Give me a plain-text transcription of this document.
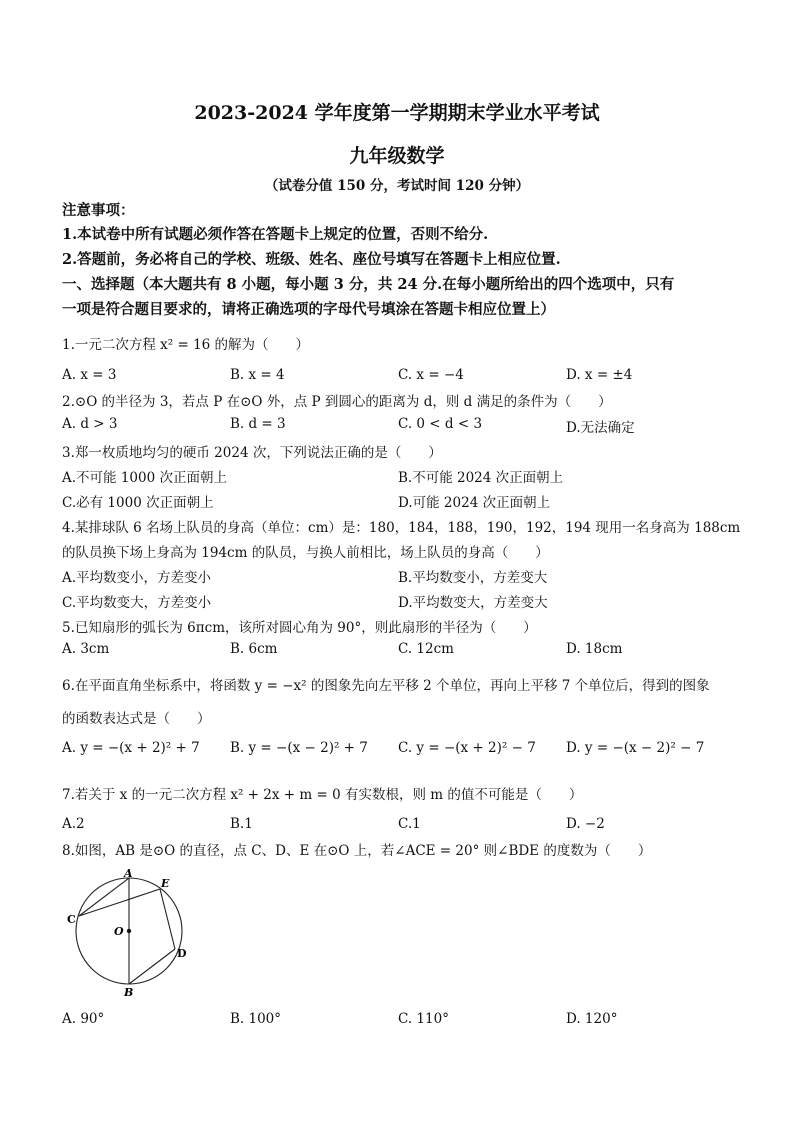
2023-2024 学年度第一学期期末学业水平考试
九年级数学
（试卷分值 150 分，考试时间 120 分钟）
注意事项：
1.本试卷中所有试题必须作答在答题卡上规定的位置，否则不给分.
2.答题前，务必将自己的学校、班级、姓名、座位号填写在答题卡上相应位置.
一、选择题（本大题共有 8 小题，每小题 3 分，共 24 分.在每小题所给出的四个选项中，只有
一项是符合题目要求的，请将正确选项的字母代号填涂在答题卡相应位置上）
1.一元二次方程 x² = 16 的解为（　　）
A. x = 3	B. x = 4	C. x = −4	D. x = ±4
2.⊙O 的半径为 3，若点 P 在⊙O 外，点 P 到圆心的距离为 d，则 d 满足的条件为（　　）
A. d > 3	B. d = 3	C. 0 < d < 3	D.无法确定
3.郑一枚质地均匀的硬币 2024 次，下列说法正确的是（　　）
A.不可能 1000 次正面朝上	B.不可能 2024 次正面朝上
C.必有 1000 次正面朝上	D.可能 2024 次正面朝上
4.某排球队 6 名场上队员的身高（单位：cm）是：180，184，188，190，192，194 现用一名身高为 188cm
的队员换下场上身高为 194cm 的队员，与换人前相比，场上队员的身高（　　）
A.平均数变小，方差变小	B.平均数变小，方差变大
C.平均数变大，方差变小	D.平均数变大，方差变大
5.已知扇形的弧长为 6πcm，该所对圆心角为 90°，则此扇形的半径为（　　）
A. 3cm	B. 6cm	C. 12cm	D. 18cm
6.在平面直角坐标系中，将函数 y = −x² 的图象先向左平移 2 个单位，再向上平移 7 个单位后，得到的图象
的函数表达式是（　　）
A. y = −(x + 2)² + 7 B. y = −(x − 2)² + 7 C. y = −(x + 2)² − 7 D. y = −(x − 2)² − 7
7.若关于 x 的一元二次方程 x² + 2x + m = 0 有实数根，则 m 的值不可能是（　　）
A.2	B.1	C.1	D. −2
8.如图，AB 是⊙O 的直径，点 C、D、E 在⊙O 上，若∠ACE = 20° 则∠BDE 的度数为（　　）
A
E
C
O
D
B
A. 90°	B. 100°	C. 110°	D. 120°
